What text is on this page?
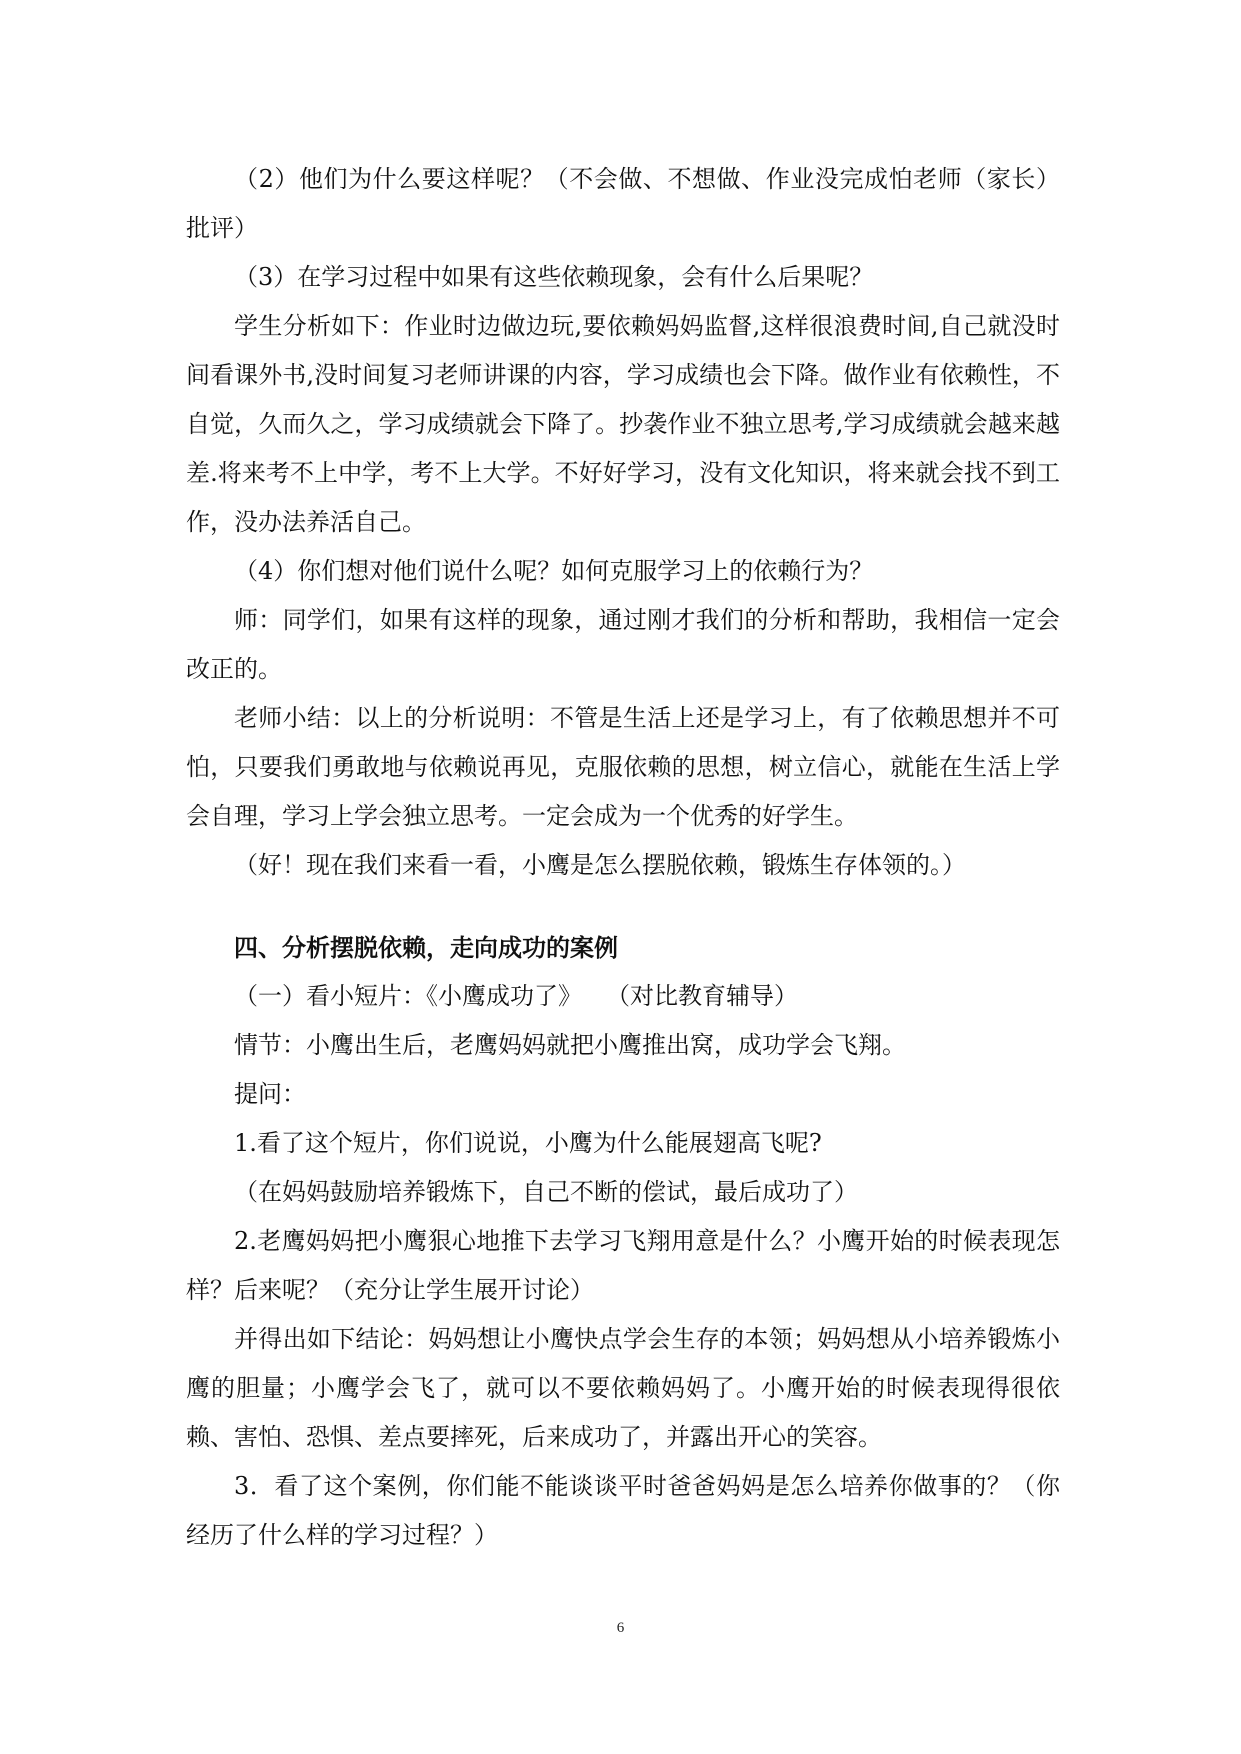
（2）他们为什么要这样呢？（不会做、不想做、作业没完成怕老师（家长）批评）

（3）在学习过程中如果有这些依赖现象，会有什么后果呢？

学生分析如下：作业时边做边玩,要依赖妈妈监督,这样很浪费时间,自己就没时间看课外书,没时间复习老师讲课的内容，学习成绩也会下降。做作业有依赖性，不自觉，久而久之，学习成绩就会下降了。抄袭作业不独立思考,学习成绩就会越来越差.将来考不上中学，考不上大学。不好好学习，没有文化知识，将来就会找不到工作，没办法养活自己。

（4）你们想对他们说什么呢？如何克服学习上的依赖行为？

师：同学们，如果有这样的现象，通过刚才我们的分析和帮助，我相信一定会改正的。

老师小结：以上的分析说明：不管是生活上还是学习上，有了依赖思想并不可怕，只要我们勇敢地与依赖说再见，克服依赖的思想，树立信心，就能在生活上学会自理，学习上学会独立思考。一定会成为一个优秀的好学生。

（好！现在我们来看一看，小鹰是怎么摆脱依赖，锻炼生存体领的。）

四、分析摆脱依赖，走向成功的案例

（一）看小短片：《小鹰成功了》　　（对比教育辅导）

情节：小鹰出生后，老鹰妈妈就把小鹰推出窝，成功学会飞翔。

提问：

1.看了这个短片，你们说说，小鹰为什么能展翅高飞呢?

（在妈妈鼓励培养锻炼下，自己不断的偿试，最后成功了）

2.老鹰妈妈把小鹰狠心地推下去学习飞翔用意是什么？小鹰开始的时候表现怎样？后来呢？（充分让学生展开讨论）

并得出如下结论：妈妈想让小鹰快点学会生存的本领；妈妈想从小培养锻炼小鹰的胆量；小鹰学会飞了，就可以不要依赖妈妈了。小鹰开始的时候表现得很依赖、害怕、恐惧、差点要摔死，后来成功了，并露出开心的笑容。

3．看了这个案例，你们能不能谈谈平时爸爸妈妈是怎么培养你做事的？（你经历了什么样的学习过程？）

6
